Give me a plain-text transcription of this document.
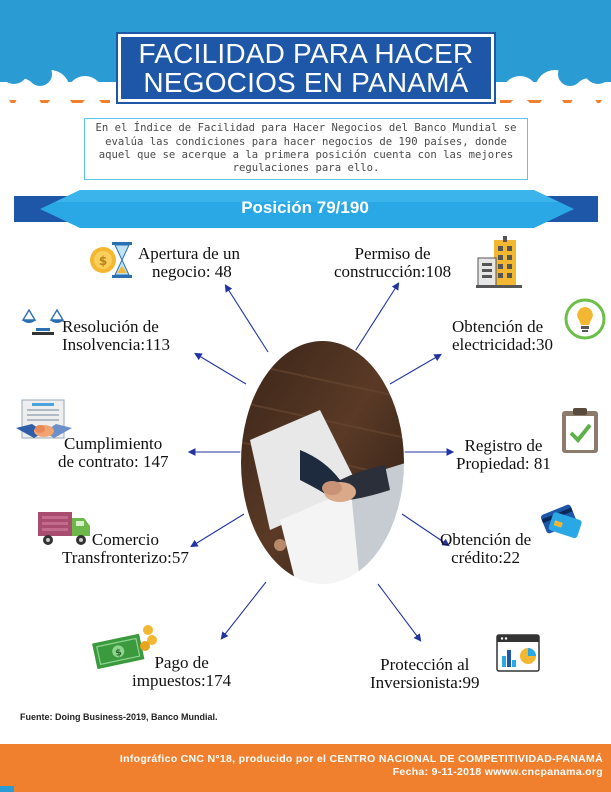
FACILIDAD PARA HACER
NEGOCIOS EN PANAMÁ
En el Índice de Facilidad para Hacer Negocios del Banco Mundial se evalúa las condiciones para hacer negocios de 190 países, donde aquel que se acerque a la primera posición cuenta con las mejores regulaciones para ello.
Posición 79/190
$
$
Apertura de un
negocio: 48
Permiso de
construcción:108
Resolución de
Insolvencia:113
Obtención de
electricidad:30
Cumplimiento
de contrato: 147
Registro de
Propiedad: 81
Comercio
Transfronterizo:57
Obtención de
crédito:22
Pago de
impuestos:174
Protección al
Inversionista:99
Fuente: Doing Business-2019, Banco Mundial.
Infográfico CNC N°18, producido por el CENTRO NACIONAL DE COMPETITIVIDAD-PANAMÁ
Fecha: 9-11-2018 wwww.cncpanama.org
